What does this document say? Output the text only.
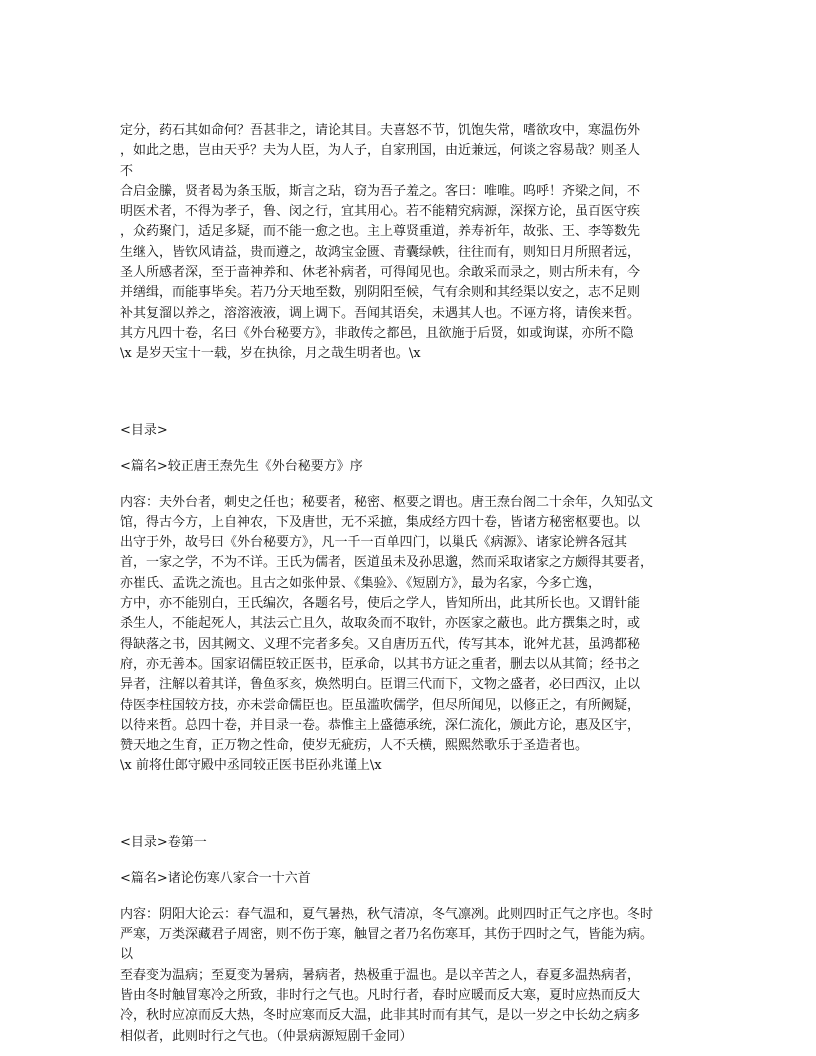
定分，药石其如命何？吾甚非之，请论其目。夫喜怒不节，饥饱失常，嗜欲攻中，寒温伤外
，如此之患，岂由天乎？夫为人臣，为人子，自家刑国，由近兼远，何谈之容易哉？则圣人
不
合启金縢，贤者曷为条玉版，斯言之玷，窃为吾子羞之。客曰：唯唯。呜呼！齐梁之间，不
明医术者，不得为孝子，鲁、闵之行，宜其用心。若不能精究病源，深探方论，虽百医守疾
，众药聚门，适足多疑，而不能一愈之也。主上尊贤重道，养寿祈年，故张、王、李等数先
生继入，皆钦风请益，贵而遵之，故鸿宝金匮、青囊绿帙，往往而有，则知日月所照者远，
圣人所感者深，至于啬神养和、休老补病者，可得闻见也。余敢采而录之，则古所未有，今
并缮缉，而能事毕矣。若乃分天地至数，别阴阳至候，气有余则和其经渠以安之，志不足则
补其复溜以养之，溶溶液液，调上调下。吾闻其语矣，未遇其人也。不诬方将，请俟来哲。
其方凡四十卷，名曰《外台秘要方》，非敢传之都邑，且欲施于后贤，如或询谋，亦所不隐
\x 是岁天宝十一载，岁在执徐，月之哉生明者也。\x

<目录>

<篇名>较正唐王焘先生《外台秘要方》序

内容：夫外台者，刺史之任也；秘要者，秘密、枢要之谓也。唐王焘台阁二十余年，久知弘文
馆，得古今方，上自神农，下及唐世，无不采摭，集成经方四十卷，皆诸方秘密枢要也。以
出守于外，故号曰《外台秘要方》，凡一千一百单四门，以巢氏《病源》、诸家论辨各冠其
首，一家之学，不为不详。王氏为儒者，医道虽未及孙思邈，然而采取诸家之方颇得其要者，
亦崔氏、孟诜之流也。且古之如张仲景、《集验》、《短剧方》，最为名家，今多亡逸，
方中，亦不能别白，王氏编次，各题名号，使后之学人，皆知所出，此其所长也。又谓针能
杀生人，不能起死人，其法云亡且久，故取灸而不取针，亦医家之蔽也。此方撰集之时，或
得缺落之书，因其阙文、义理不完者多矣。又自唐历五代，传写其本，讹舛尤甚，虽鸿都秘
府，亦无善本。国家诏儒臣较正医书，臣承命，以其书方证之重者，删去以从其简；经书之
异者，注解以着其详，鲁鱼豕亥，焕然明白。臣谓三代而下，文物之盛者，必曰西汉，止以
侍医李柱国较方技，亦未尝命儒臣也。臣虽滥吹儒学，但尽所闻见，以修正之，有所阙疑，
以待来哲。总四十卷，并目录一卷。恭惟主上盛德承统，深仁流化，颁此方论，惠及区宇，
赞天地之生育，正万物之性命，使岁无疵疠，人不夭横，熙熙然歌乐于圣造者也。
\x 前将仕郎守殿中丞同较正医书臣孙兆谨上\x

<目录>卷第一

<篇名>诸论伤寒八家合一十六首

内容：阴阳大论云：春气温和，夏气暑热，秋气清凉，冬气凛冽。此则四时正气之序也。冬时
严寒，万类深藏君子周密，则不伤于寒，触冒之者乃名伤寒耳，其伤于四时之气，皆能为病。
以
至春变为温病；至夏变为暑病，暑病者，热极重于温也。是以辛苦之人，春夏多温热病者，
皆由冬时触冒寒冷之所致，非时行之气也。凡时行者，春时应暖而反大寒，夏时应热而反大
冷，秋时应凉而反大热，冬时应寒而反大温，此非其时而有其气，是以一岁之中长幼之病多
相似者，此则时行之气也。（仲景病源短剧千金同）
